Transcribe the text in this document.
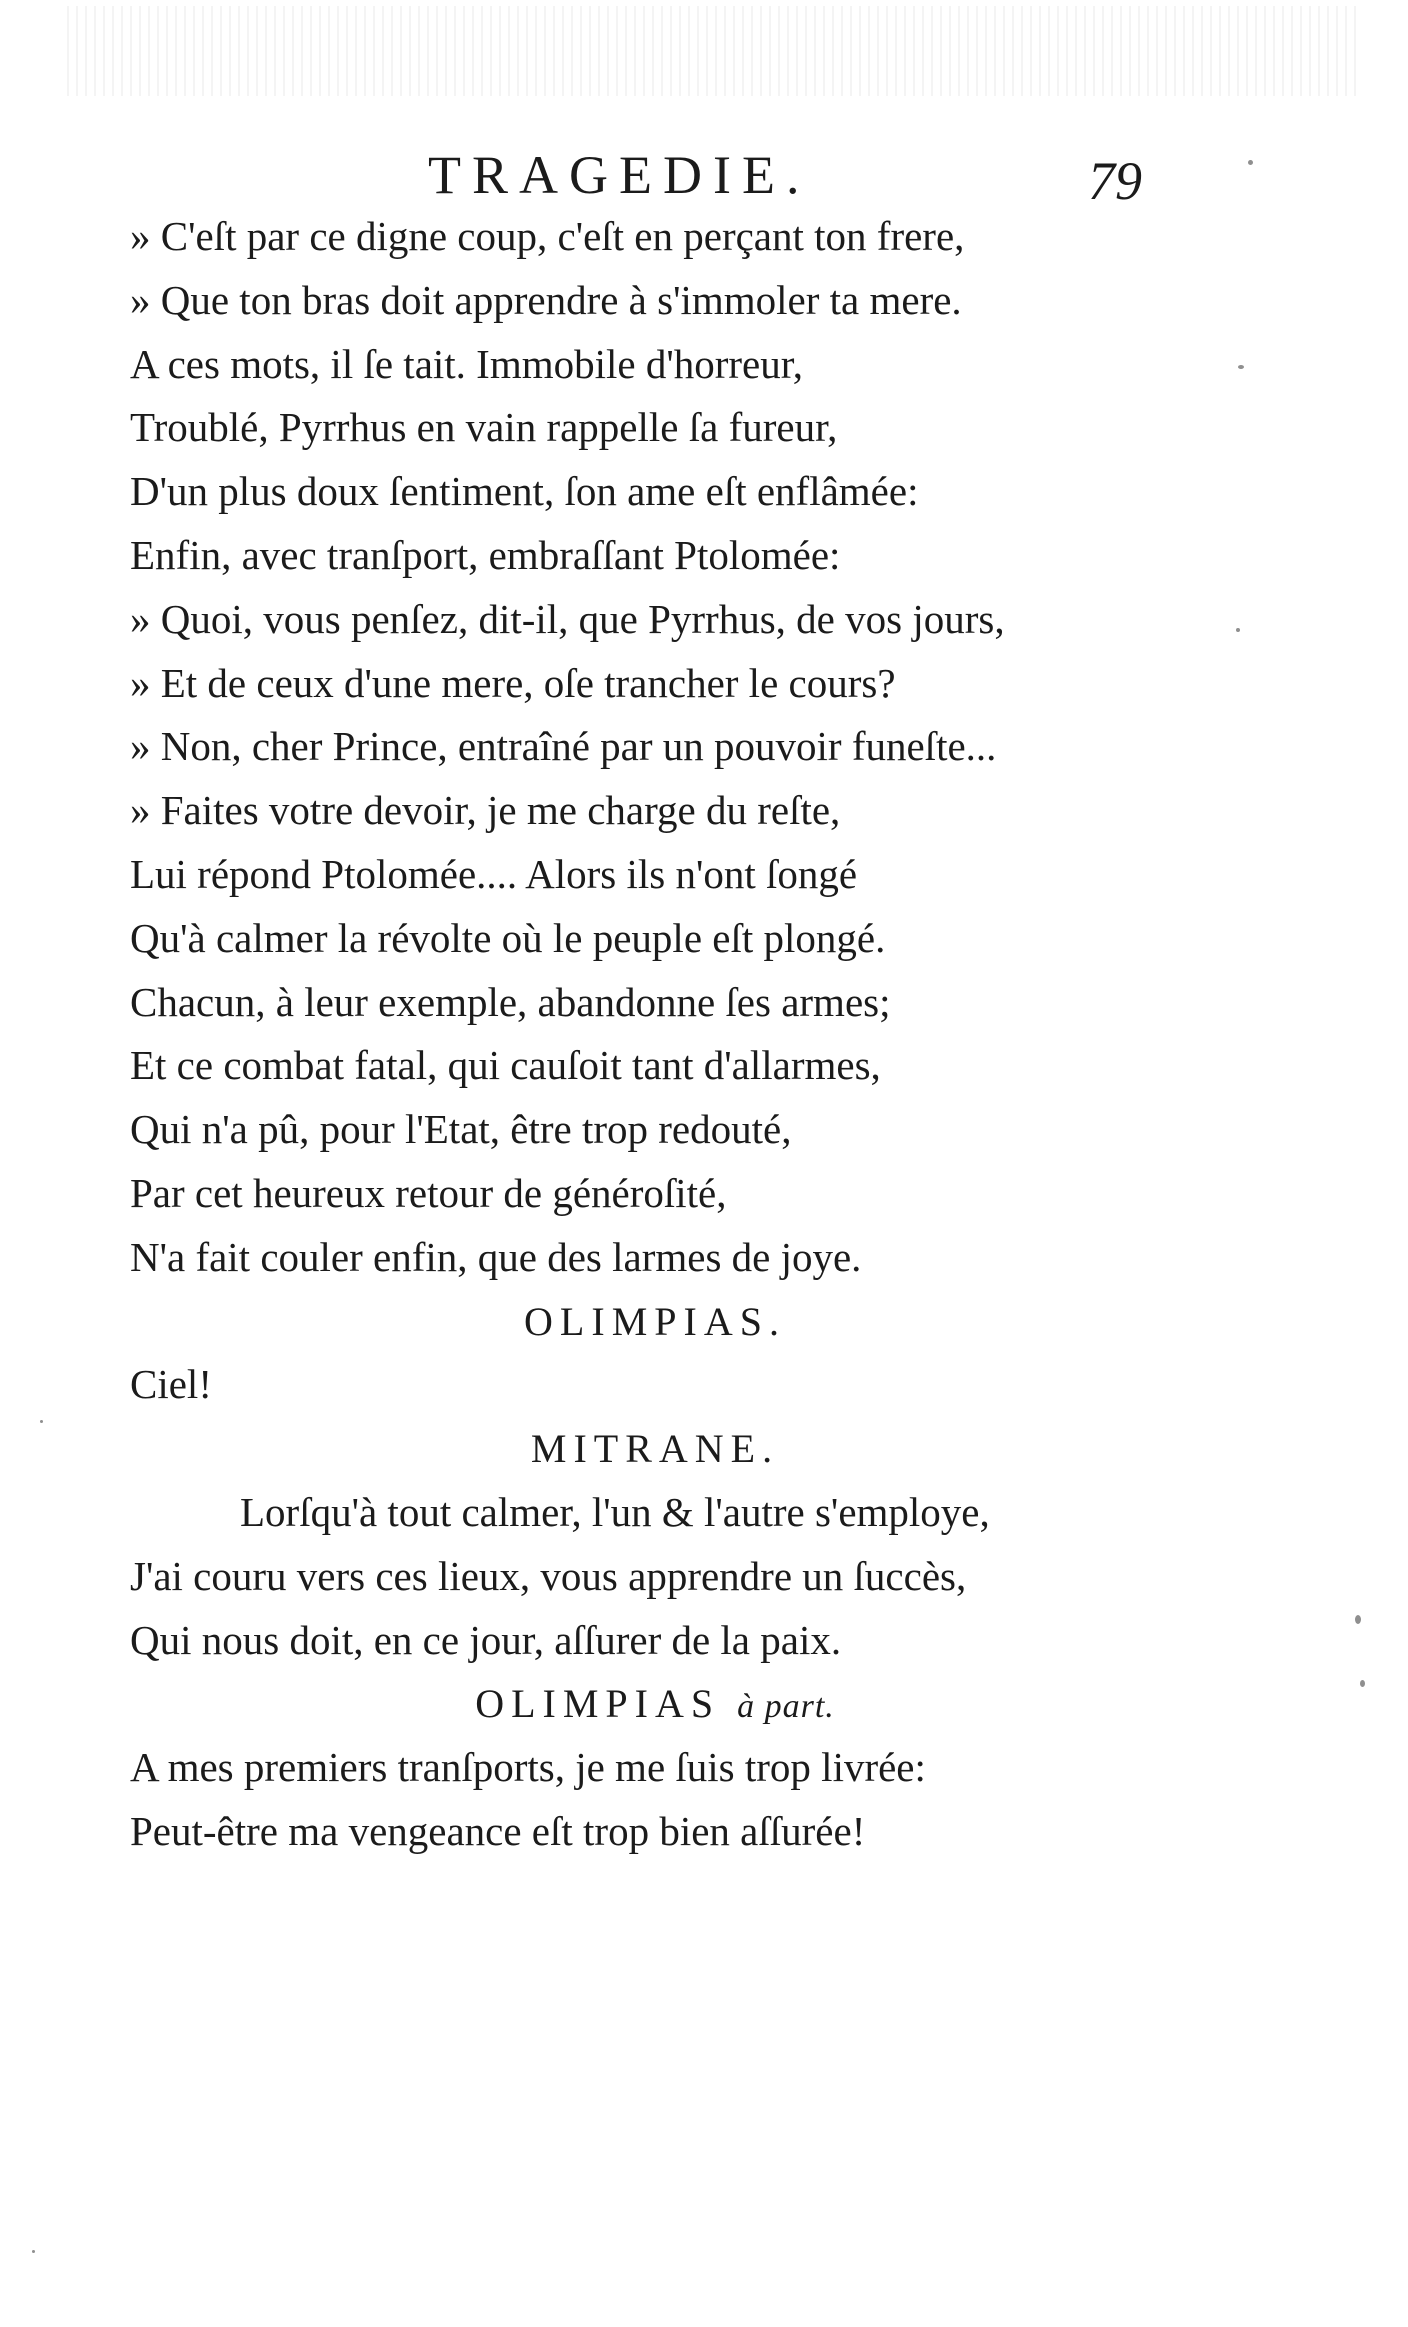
TRAGEDIE.	79
» C'eſt par ce digne coup, c'eſt en perçant ton frere,
» Que ton bras doit apprendre à s'immoler ta mere.
A ces mots, il ſe tait. Immobile d'horreur,
Troublé, Pyrrhus en vain rappelle ſa fureur,
D'un plus doux ſentiment, ſon ame eſt enflâmée:
Enfin, avec tranſport, embraſſant Ptolomée:
» Quoi, vous penſez, dit-il, que Pyrrhus, de vos jours,
» Et de ceux d'une mere, oſe trancher le cours?
» Non, cher Prince, entraîné par un pouvoir funeſte...
» Faites votre devoir, je me charge du reſte,
Lui répond Ptolomée.... Alors ils n'ont ſongé
Qu'à calmer la révolte où le peuple eſt plongé.
Chacun, à leur exemple, abandonne ſes armes;
Et ce combat fatal, qui cauſoit tant d'allarmes,
Qui n'a pû, pour l'Etat, être trop redouté,
Par cet heureux retour de généroſité,
N'a fait couler enfin, que des larmes de joye.
OLIMPIAS.
Ciel!
MITRANE.
Lorſqu'à tout calmer, l'un & l'autre s'employe,
J'ai couru vers ces lieux, vous apprendre un ſuccès,
Qui nous doit, en ce jour, aſſurer de la paix.
OLIMPIAS à part.
A mes premiers tranſports, je me ſuis trop livrée:
Peut-être ma vengeance eſt trop bien aſſurée!
